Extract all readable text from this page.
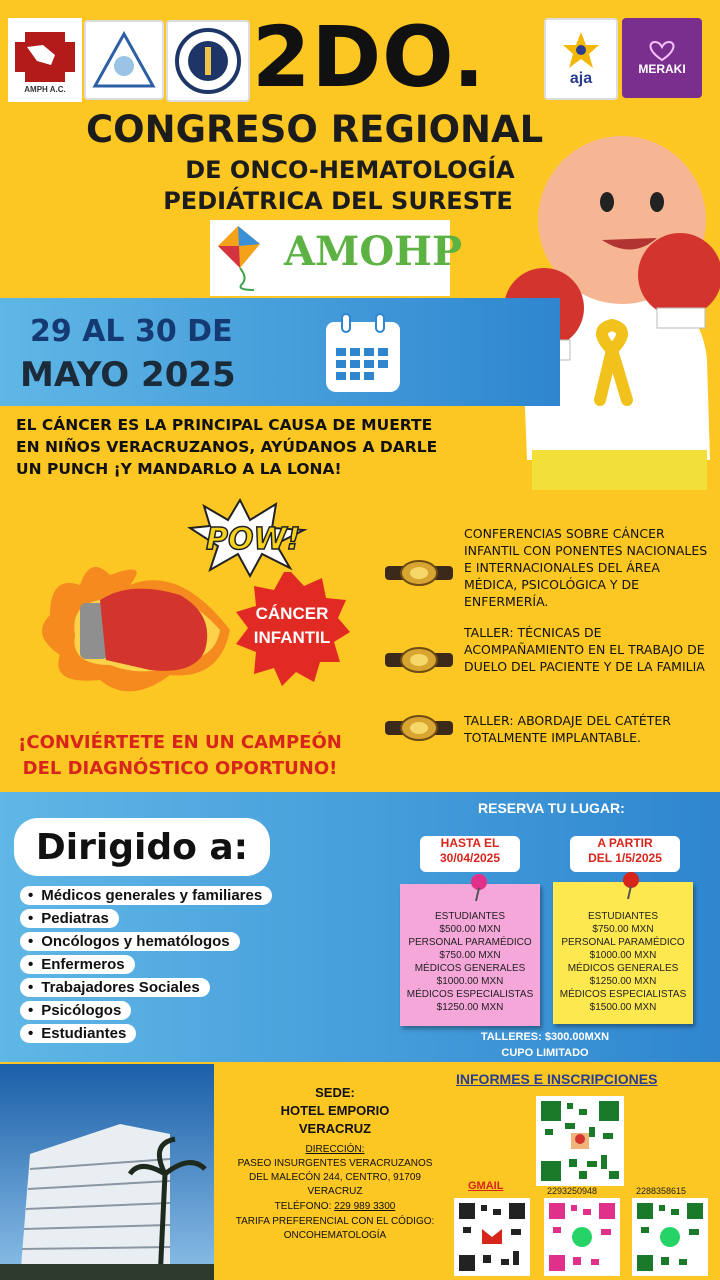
AMPH A.C. 2DO.	aja
MERAKI
CONGRESO REGIONAL
DE ONCO-HEMATOLOGÍA
PEDIÁTRICA DEL SURESTE
AMOHP
29 AL 30 DE
MAYO 2025
EL CÁNCER ES LA PRINCIPAL CAUSA DE MUERTE EN NIÑOS VERACRUZANOS, AYÚDANOS A DARLE UN PUNCH ¡Y MANDARLO A LA LONA!
POW!
CÁNCER
INFANTIL
CONFERENCIAS SOBRE CÁNCER INFANTIL CON PONENTES NACIONALES E INTERNACIONALES DEL ÁREA MÉDICA, PSICOLÓGICA Y DE ENFERMERÍA.
TALLER: TÉCNICAS DE ACOMPAÑAMIENTO EN EL TRABAJO DE DUELO DEL PACIENTE Y DE LA FAMILIA
TALLER: ABORDAJE DEL CATÉTER TOTALMENTE IMPLANTABLE.
¡CONVIÉRTETE EN UN CAMPEÓN
DEL DIAGNÓSTICO OPORTUNO!
Dirigido a:
• Médicos generales y familiares
• Pediatras
• Oncólogos y hematólogos
• Enfermeros
• Trabajadores Sociales
• Psicólogos
• Estudiantes
RESERVA TU LUGAR:
HASTA EL
30/04/2025
A PARTIR
DEL 1/5/2025
ESTUDIANTES
$500.00 MXN
PERSONAL PARAMÉDICO
$750.00 MXN
MÉDICOS GENERALES
$1000.00 MXN
MÉDICOS ESPECIALISTAS
$1250.00 MXN
ESTUDIANTES
$750.00 MXN
PERSONAL PARAMÉDICO
$1000.00 MXN
MÉDICOS GENERALES
$1250.00 MXN
MÉDICOS ESPECIALISTAS
$1500.00 MXN
TALLERES: $300.00MXN
CUPO LIMITADO
SEDE:
HOTEL EMPORIO
VERACRUZ
DIRECCIÓN:
PASEO INSURGENTES VERACRUZANOS
DEL MALECÓN 244, CENTRO, 91709
VERACRUZ
TELÉFONO: 229 989 3300
TARIFA PREFERENCIAL CON EL CÓDIGO:
ONCOHEMATOLOGÍA
INFORMES E INSCRIPCIONES
GMAIL	2293250948	2288358615
